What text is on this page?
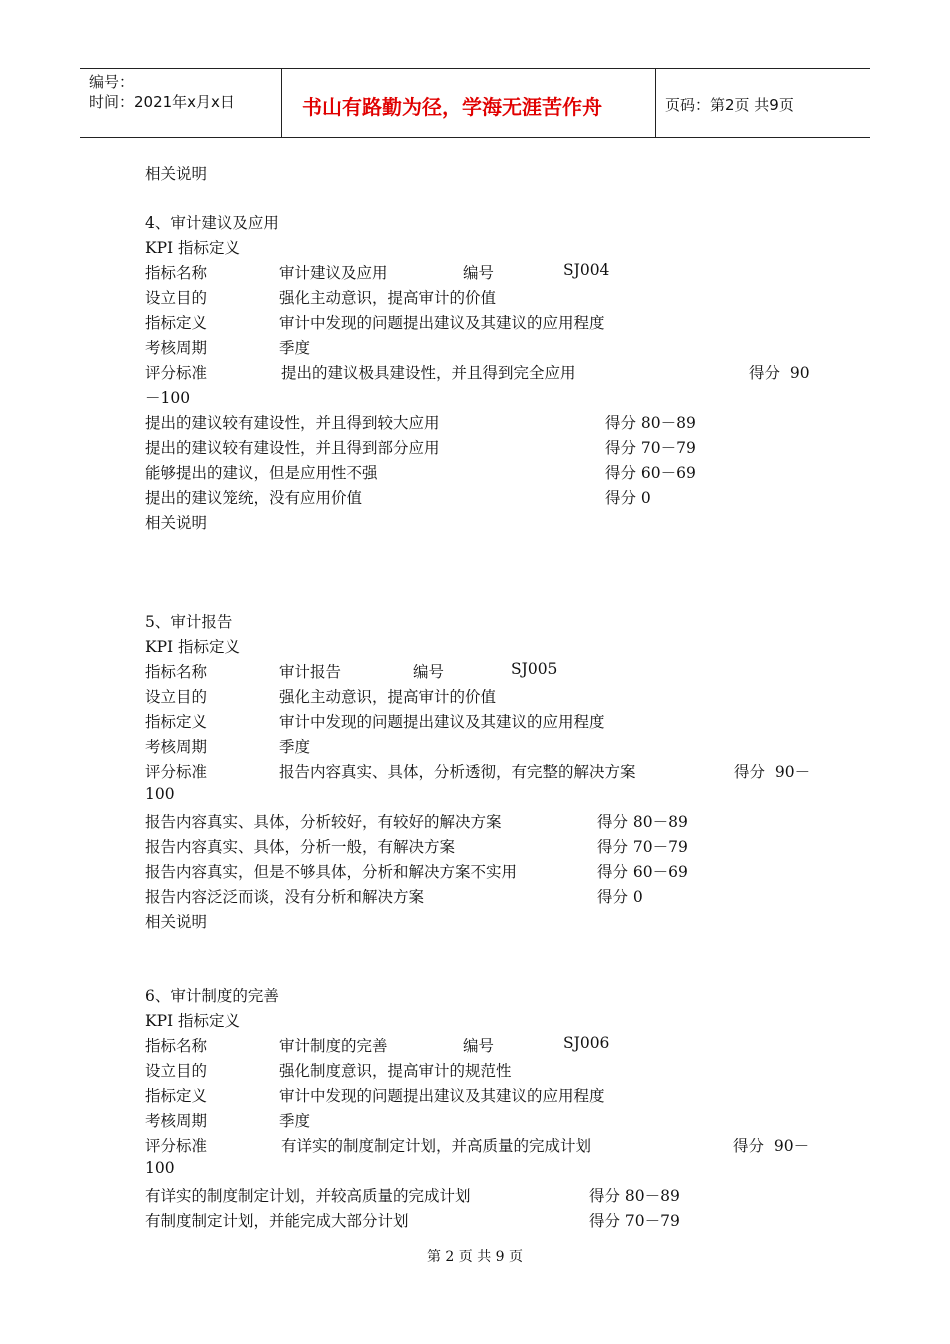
编号：
时间：2021年x月x日	书山有路勤为径，学海无涯苦作舟	页码：第2页 共9页
相关说明
4、审计建议及应用
KPI 指标定义
指标名称	审计建议及应用	编号	SJ004
设立目的	强化主动意识，提高审计的价值
指标定义	审计中发现的问题提出建议及其建议的应用程度
考核周期	季度
评分标准	提出的建议极具建设性，并且得到完全应用	得分  90
－100
提出的建议较有建设性，并且得到较大应用	得分 80－89
提出的建议较有建设性，并且得到部分应用	得分 70－79
能够提出的建议，但是应用性不强	得分 60－69
提出的建议笼统，没有应用价值	得分 0
相关说明
5、审计报告
KPI 指标定义
指标名称	审计报告	编号	SJ005
设立目的	强化主动意识，提高审计的价值
指标定义	审计中发现的问题提出建议及其建议的应用程度
考核周期	季度
评分标准	报告内容真实、具体，分析透彻，有完整的解决方案	得分  90－
100
报告内容真实、具体，分析较好，有较好的解决方案	得分 80－89
报告内容真实、具体，分析一般，有解决方案	得分 70－79
报告内容真实，但是不够具体，分析和解决方案不实用	得分 60－69
报告内容泛泛而谈，没有分析和解决方案	得分 0
相关说明
6、审计制度的完善
KPI 指标定义
指标名称	审计制度的完善	编号	SJ006
设立目的	强化制度意识，提高审计的规范性
指标定义	审计中发现的问题提出建议及其建议的应用程度
考核周期	季度
评分标准	有详实的制度制定计划，并高质量的完成计划	得分  90－
100
有详实的制度制定计划，并较高质量的完成计划	得分 80－89
有制度制定计划，并能完成大部分计划	得分 70－79
第 2 页 共 9 页
